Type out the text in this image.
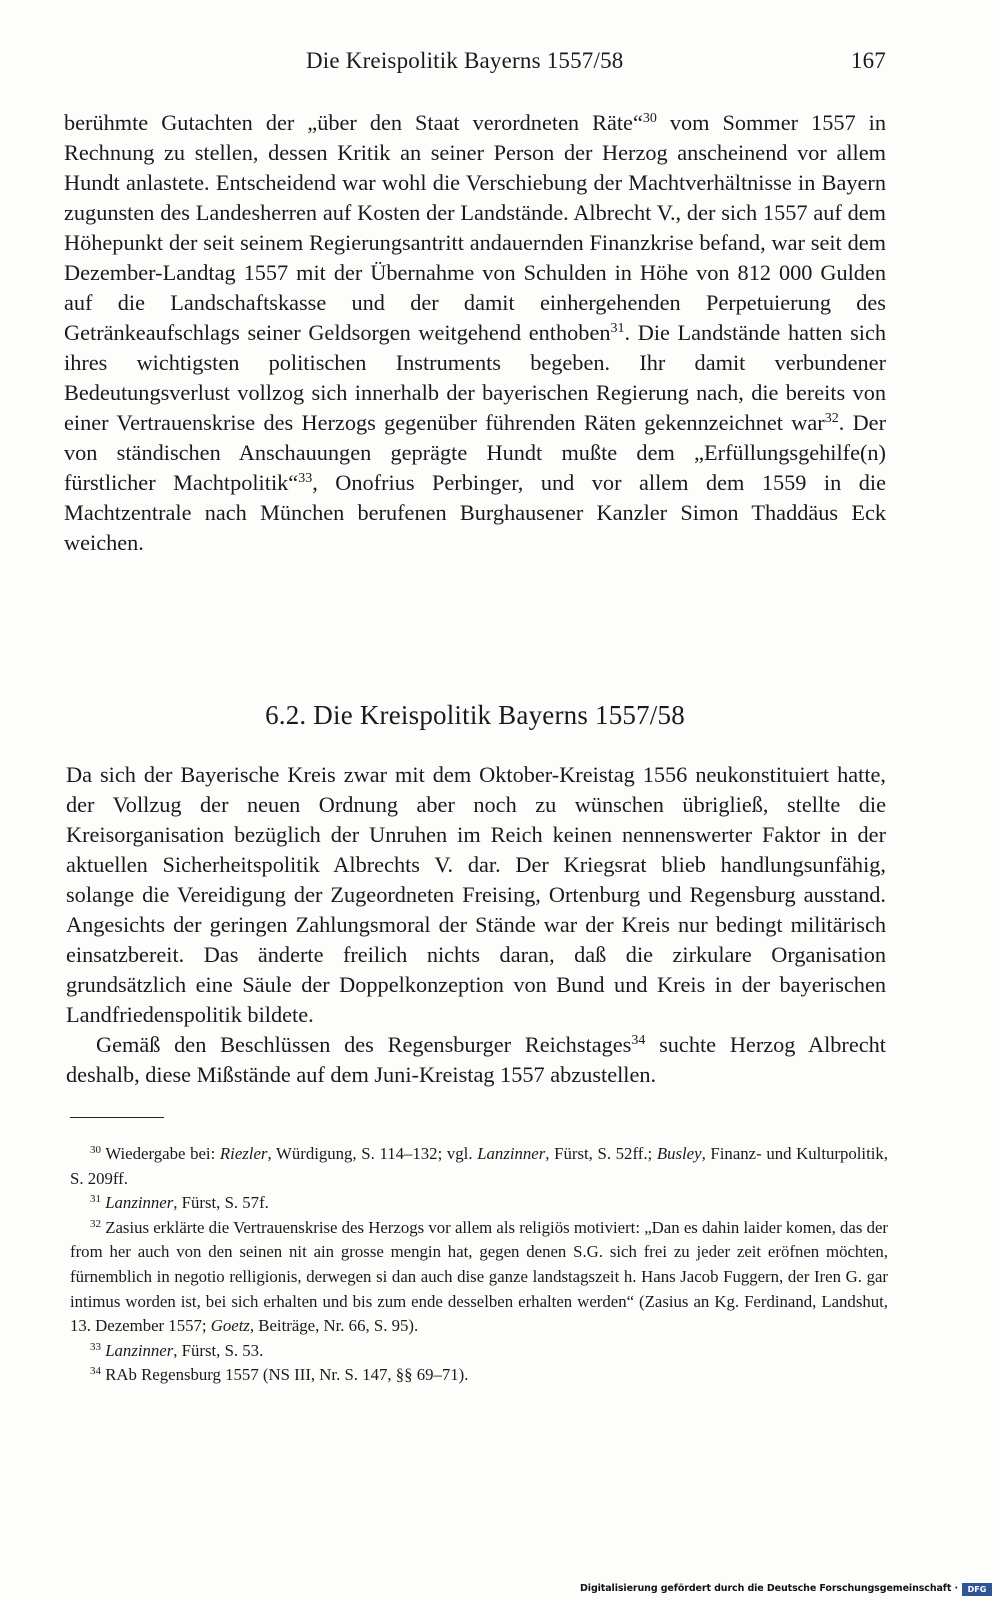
Die Kreispolitik Bayerns 1557/58	167

berühmte Gutachten der „über den Staat verordneten Räte“$^{30}$ vom Sommer 1557 in Rechnung zu stellen, dessen Kritik an seiner Person der Herzog anscheinend vor allem Hundt anlastete. Entscheidend war wohl die Verschiebung der Machtverhältnisse in Bayern zugunsten des Landesherren auf Kosten der Landstände. Albrecht V., der sich 1557 auf dem Höhepunkt der seit seinem Regierungsantritt andauernden Finanzkrise befand, war seit dem Dezember-Landtag 1557 mit der Übernahme von Schulden in Höhe von 812 000 Gulden auf die Landschaftskasse und der damit einhergehenden Perpetuierung des Getränkeaufschlags seiner Geldsorgen weitgehend enthoben$^{31}$. Die Landstände hatten sich ihres wichtigsten politischen Instruments begeben. Ihr damit verbundener Bedeutungsverlust vollzog sich innerhalb der bayerischen Regierung nach, die bereits von einer Vertrauenskrise des Herzogs gegenüber führenden Räten gekennzeichnet war$^{32}$. Der von ständischen Anschauungen geprägte Hundt mußte dem „Erfüllungsgehilfe(n) fürstlicher Machtpolitik“$^{33}$, Onofrius Perbinger, und vor allem dem 1559 in die Machtzentrale nach München berufenen Burghausener Kanzler Simon Thaddäus Eck weichen.

6.2. Die Kreispolitik Bayerns 1557/58

Da sich der Bayerische Kreis zwar mit dem Oktober-Kreistag 1556 neukonstituiert hatte, der Vollzug der neuen Ordnung aber noch zu wünschen übrigließ, stellte die Kreisorganisation bezüglich der Unruhen im Reich keinen nennenswerter Faktor in der aktuellen Sicherheitspolitik Albrechts V. dar. Der Kriegsrat blieb handlungsunfähig, solange die Vereidigung der Zugeordneten Freising, Ortenburg und Regensburg ausstand. Angesichts der geringen Zahlungsmoral der Stände war der Kreis nur bedingt militärisch einsatzbereit. Das änderte freilich nichts daran, daß die zirkulare Organisation grundsätzlich eine Säule der Doppelkonzeption von Bund und Kreis in der bayerischen Landfriedenspolitik bildete.

Gemäß den Beschlüssen des Regensburger Reichstages$^{34}$ suchte Herzog Albrecht deshalb, diese Mißstände auf dem Juni-Kreistag 1557 abzustellen.

$^{30}$ Wiedergabe bei: Riezler, Würdigung, S. 114–132; vgl. Lanzinner, Fürst, S. 52ff.; Busley, Finanz- und Kulturpolitik, S. 209ff.

$^{31}$ Lanzinner, Fürst, S. 57f.

$^{32}$ Zasius erklärte die Vertrauenskrise des Herzogs vor allem als religiös motiviert: „Dan es dahin laider komen, das der from her auch von den seinen nit ain grosse mengin hat, gegen denen S.G. sich frei zu jeder zeit eröfnen möchten, fürnemblich in negotio relligionis, derwegen si dan auch dise ganze landstagszeit h. Hans Jacob Fuggern, der Iren G. gar intimus worden ist, bei sich erhalten und bis zum ende desselben erhalten werden“ (Zasius an Kg. Ferdinand, Landshut, 13. Dezember 1557; Goetz, Beiträge, Nr. 66, S. 95).

$^{33}$ Lanzinner, Fürst, S. 53.

$^{34}$ RAb Regensburg 1557 (NS III, Nr. S. 147, §§ 69–71).

Digitalisierung gefördert durch die Deutsche Forschungsgemeinschaft ·	DFG
